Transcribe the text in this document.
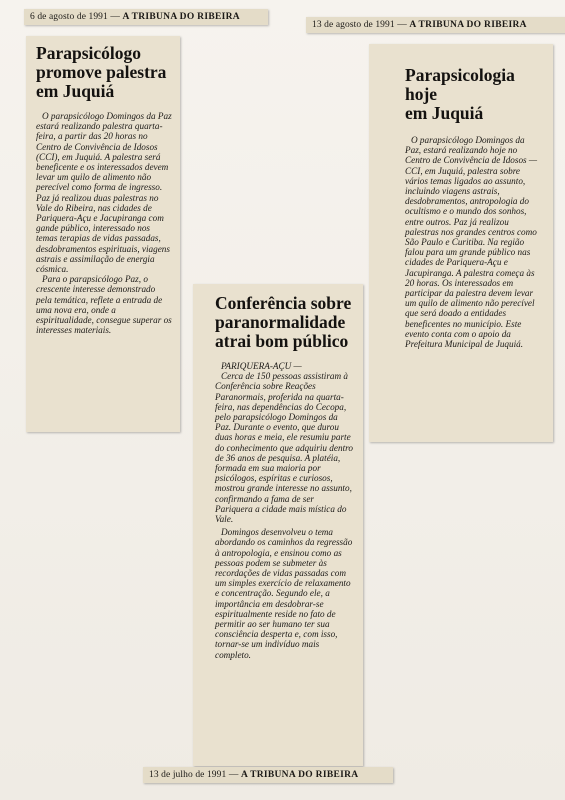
6 de agosto de 1991 — A TRIBUNA DO RIBEIRA
Parapsicólogo
promove palestra
em Juquiá

O parapsicólogo Domingos da Paz estará realizando palestra quarta-feira, a partir das 20 horas no Centro de Convivência de Idosos (CCI), em Juquiá. A palestra será beneficente e os interessados devem levar um quilo de alimento não perecível como forma de ingresso. Paz já realizou duas palestras no Vale do Ribeira, nas cidades de Pariquera-Açu e Jacupiranga com gande público, interessado nos temas terapias de vidas passadas, desdobramentos espirituais, viagens astrais e assimilação de energia cósmica.

Para o parapsicólogo Paz, o crescente interesse demonstrado pela temática, reflete a entrada de uma nova era, onde a espiritualidade, consegue superar os interesses materiais.

13 de agosto de 1991 — A TRIBUNA DO RIBEIRA
Parapsicologia
hoje
em Juquiá

O parapsicólogo Domingos da Paz, estará realizando hoje no Centro de Convivência de Idosos — CCI, em Juquiá, palestra sobre vários temas ligados ao assunto, incluindo viagens astrais, desdobramentos, antropologia do ocultismo e o mundo dos sonhos, entre outros. Paz já realizou palestras nos grandes centros como São Paulo e Curitiba. Na região falou para um grande público nas cidades de Pariquera-Açu e Jacupiranga. A palestra começa às 20 horas. Os interessados em participar da palestra devem levar um quilo de alimento não perecível que será doado a entidades beneficentes no município. Este evento conta com o apoio da Prefeitura Municipal de Juquiá.

Conferência sobre
paranormalidade
atrai bom público

PARIQUERA-AÇU —

Cerca de 150 pessoas assistiram à Conferência sobre Reações Paranormais, proferida na quarta-feira, nas dependências do Cecopa, pelo parapsicólogo Domingos da Paz. Durante o evento, que durou duas horas e meia, ele resumiu parte do conhecimento que adquiriu dentro de 36 anos de pesquisa. A platéia, formada em sua maioria por psicólogos, espíritas e curiosos, mostrou grande interesse no assunto, confirmando a fama de ser Pariquera a cidade mais mística do Vale.

Domingos desenvolveu o tema abordando os caminhos da regressão à antropologia, e ensinou como as pessoas podem se submeter às recordações de vidas passadas com um simples exercício de relaxamento e concentração. Segundo ele, a importância em desdobrar-se espiritualmente reside no fato de permitir ao ser humano ter sua consciência desperta e, com isso, tornar-se um indivíduo mais completo.

13 de julho de 1991 — A TRIBUNA DO RIBEIRA
